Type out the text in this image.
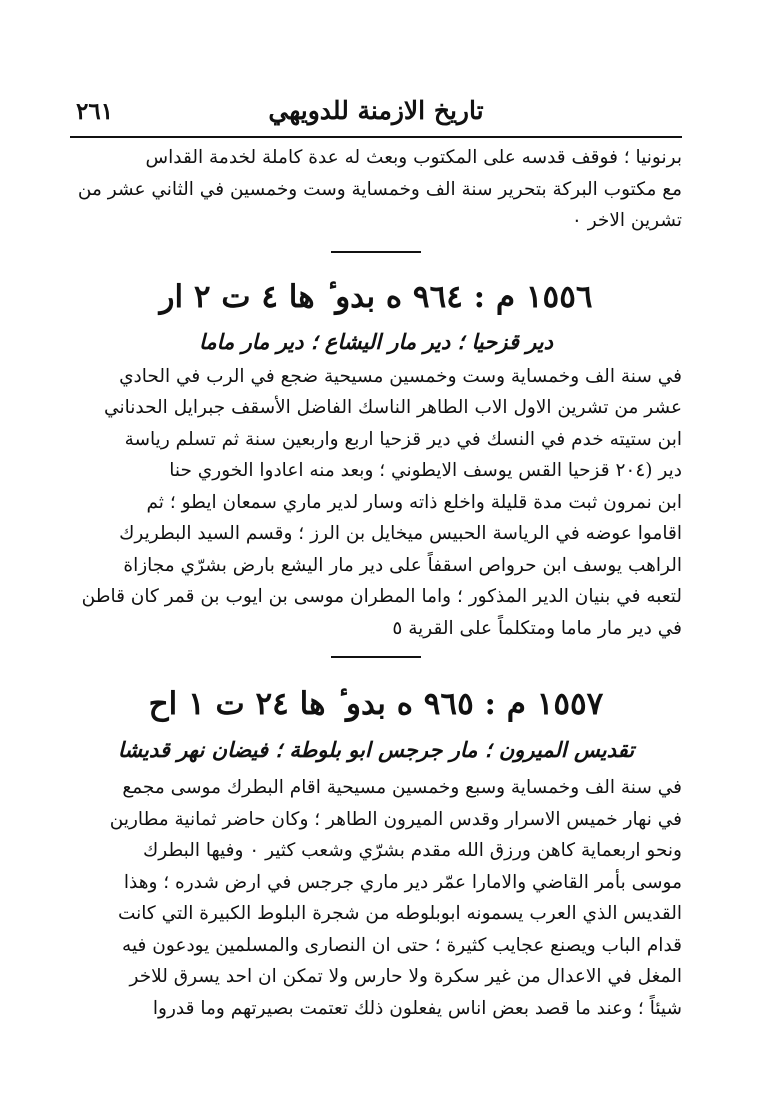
تاريخ الازمنة للدويهي
٢٦١
برنونيا ؛ فوقف قدسه على المكتوب وبعث له عدة كاملة لخدمة القداس
مع مكتوب البركة بتحرير سنة الف وخمساية وست وخمسين في الثاني عشر من
تشرين الاخر ٠
١٥٥٦ م : ٩٦٤ ه بدو ٔ ها ٤ ت ٢ ار
دير قزحيا ؛ دير مار اليشاع ؛ دير مار ماما
في سنة الف وخمساية وست وخمسين مسيحية ضجع في الرب في الحادي
عشر من تشرين الاول الاب الطاهر الناسك الفاضل الأسقف جبرايل الحدناني
ابن ستيته خدم في النسك في دير قزحيا اربع واربعين سنة ثم تسلم رياسة
دير (٢٠٤ قزحيا القس يوسف الايطوني ؛ وبعد منه اعادوا الخوري حنا
ابن نمرون ثبت مدة قليلة واخلع ذاته وسار لدير ماري سمعان ايطو ؛ ثم
اقاموا عوضه في الرياسة الحبيس ميخايل بن الرز ؛ وقسم السيد البطريرك
الراهب يوسف ابن حرواص اسقفاً على دير مار اليشع بارض بشرّي مجازاة
لتعبه في بنيان الدير المذكور ؛ واما المطران موسى بن ايوب بن قمر كان قاطن
في دير مار ماما ومتكلماً على القرية ٥
١٥٥٧ م : ٩٦٥ ه بدو ٔ ها ٢٤ ت ١ اح
تقديس الميرون ؛ مار جرجس ابو بلوطة ؛ فيضان نهر قديشا
في سنة الف وخمساية وسبع وخمسين مسيحية اقام البطرك موسى مجمع
في نهار خميس الاسرار وقدس الميرون الطاهر ؛ وكان حاضر ثمانية مطارين
ونحو اربعماية كاهن ورزق الله مقدم بشرّي وشعب كثير ٠ وفيها البطرك
موسى بأمر القاضي والامارا عمّر دير ماري جرجس في ارض شدره ؛ وهذا
القديس الذي العرب يسمونه ابوبلوطه من شجرة البلوط الكبيرة التي كانت
قدام الباب ويصنع عجايب كثيرة ؛ حتى ان النصارى والمسلمين يودعون فيه
المغل في الاعدال من غير سكرة ولا حارس ولا تمكن ان احد يسرق للاخر
شيئاً ؛ وعند ما قصد بعض اناس يفعلون ذلك تعتمت بصيرتهم وما قدروا
